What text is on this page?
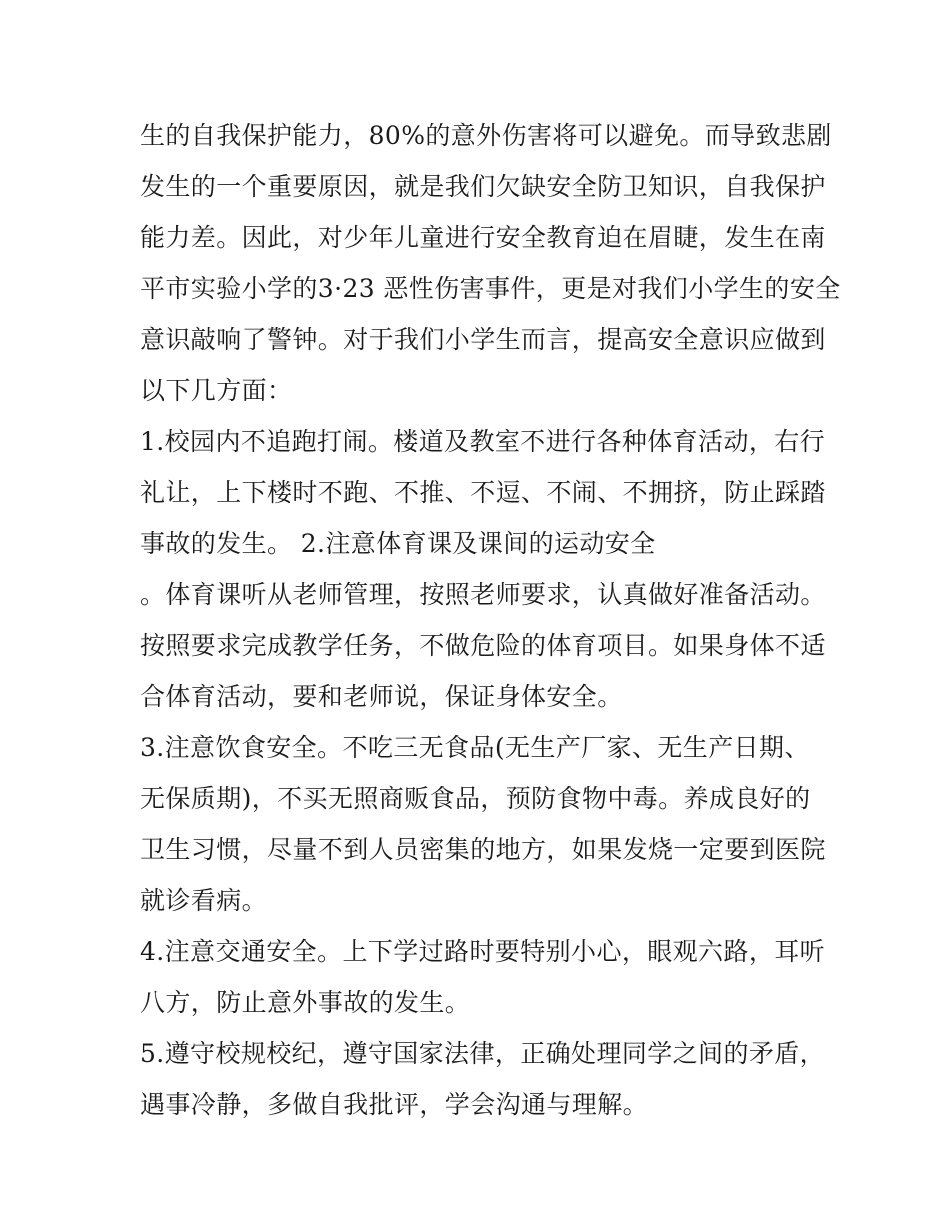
生的自我保护能力，80%的意外伤害将可以避免。而导致悲剧
发生的一个重要原因，就是我们欠缺安全防卫知识，自我保护
能力差。因此，对少年儿童进行安全教育迫在眉睫，发生在南
平市实验小学的3·23 恶性伤害事件，更是对我们小学生的安全
意识敲响了警钟。对于我们小学生而言，提高安全意识应做到
以下几方面：
1.校园内不追跑打闹。楼道及教室不进行各种体育活动，右行
礼让，上下楼时不跑、不推、不逗、不闹、不拥挤，防止踩踏
事故的发生。 2.注意体育课及课间的运动安全
。体育课听从老师管理，按照老师要求，认真做好准备活动。
按照要求完成教学任务，不做危险的体育项目。如果身体不适
合体育活动，要和老师说，保证身体安全。
3.注意饮食安全。不吃三无食品(无生产厂家、无生产日期、
无保质期)，不买无照商贩食品，预防食物中毒。养成良好的
卫生习惯，尽量不到人员密集的地方，如果发烧一定要到医院
就诊看病。
4.注意交通安全。上下学过路时要特别小心，眼观六路，耳听
八方，防止意外事故的发生。
5.遵守校规校纪，遵守国家法律，正确处理同学之间的矛盾，
遇事冷静，多做自我批评，学会沟通与理解。
